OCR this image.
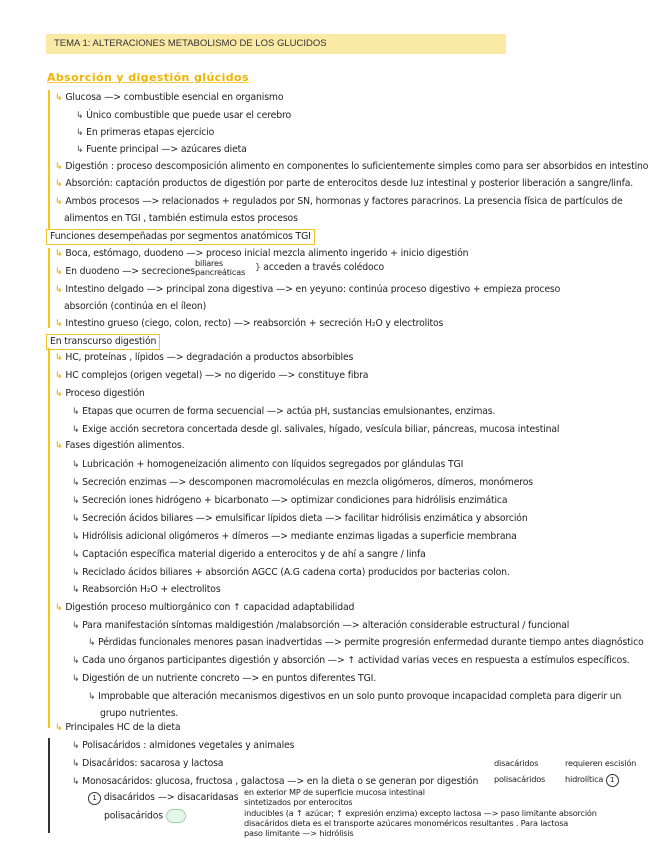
TEMA 1: ALTERACIONES METABOLISMO DE LOS GLUCIDOS
Absorción y digestión glúcidos
↳ Glucosa —> combustible esencial en organismo
↳ Único combustible que puede usar el cerebro
↳ En primeras etapas ejercicio
↳ Fuente principal —> azúcares dieta
↳ Digestión : proceso descomposición alimento en componentes lo suficientemente simples como para ser absorbidos en intestino
↳ Absorción: captación productos de digestión por parte de enterocitos desde luz intestinal y posterior liberación a sangre/linfa.
↳ Ambos procesos —> relacionados + regulados por SN, hormonas y factores paracrinos. La presencia física de partículos de
alimentos en TGI , también estimula estos procesos
Funciones desempeñadas por segmentos anatómicos TGI
↳ Boca, estómago, duodeno —> proceso inicial mezcla alimento ingerido + inicio digestión
↳ En duodeno —> secreciones
biliares
pancreáticas } acceden a través colédoco
↳ Intestino delgado —> principal zona digestiva —> en yeyuno: continúa proceso digestivo + empieza proceso
absorción (continúa en el íleon)
↳ Intestino grueso (ciego, colon, recto) —> reabsorción + secreción H₂O y electrolitos
En transcurso digestión
↳ HC, proteínas , lípidos —> degradación a productos absorbibles
↳ HC complejos (origen vegetal) —> no digerido —> constituye fibra
↳ Proceso digestión
↳ Etapas que ocurren de forma secuencial —> actúa pH, sustancias emulsionantes, enzimas.
↳ Exige acción secretora concertada desde gl. salivales, hígado, vesícula biliar, páncreas, mucosa intestinal
↳ Fases digestión alimentos.
↳ Lubricación + homogeneización alimento con líquidos segregados por glándulas TGI
↳ Secreción enzimas —> descomponen macromoléculas en mezcla oligómeros, dímeros, monómeros
↳ Secreción iones hidrógeno + bicarbonato —> optimizar condiciones para hidrólisis enzimática
↳ Secreción ácidos biliares —> emulsificar lípidos dieta —> facilitar hidrólisis enzimática y absorción
↳ Hidrólisis adicional oligómeros + dímeros —> mediante enzimas ligadas a superficie membrana
↳ Captación específica material digerido a enterocitos y de ahí a sangre / linfa
↳ Reciclado ácidos biliares + absorción AGCC (A.G cadena corta) producidos por bacterias colon.
↳ Reabsorción H₂O + electrolitos
↳ Digestión proceso multiorgánico con ↑ capacidad adaptabilidad
↳ Para manifestación síntomas maldigestión /malabsorción —> alteración considerable estructural / funcional
↳ Pérdidas funcionales menores pasan inadvertidas —> permite progresión enfermedad durante tiempo antes diagnóstico
↳ Cada uno órganos participantes digestión y absorción —> ↑ actividad varias veces en respuesta a estímulos específicos.
↳ Digestión de un nutriente concreto —> en puntos diferentes TGI.
↳ Improbable que alteración mecanismos digestivos en un solo punto provoque incapacidad completa para digerir un
grupo nutrientes.
↳ Principales HC de la dieta
↳ Polisacáridos : almidones vegetales y animales
↳ Disacáridos: sacarosa y lactosa
↳ Monosacáridos: glucosa, fructosa , galactosa —> en la dieta o se generan por digestión
disacáridos
polisacáridos
requieren escisión
hidrolítica 1
1 disacáridos —> disacaridasas en exterior MP de superficie mucosa intestinal
sintetizados por enterocitos
polisacáridos	inducibles (a ↑ azúcar; ↑ expresión enzima) excepto lactosa —> paso limitante absorción
disacáridos dieta es el transporte azúcares monoméricos resultantes . Para lactosa
paso limitante —> hidrólisis
